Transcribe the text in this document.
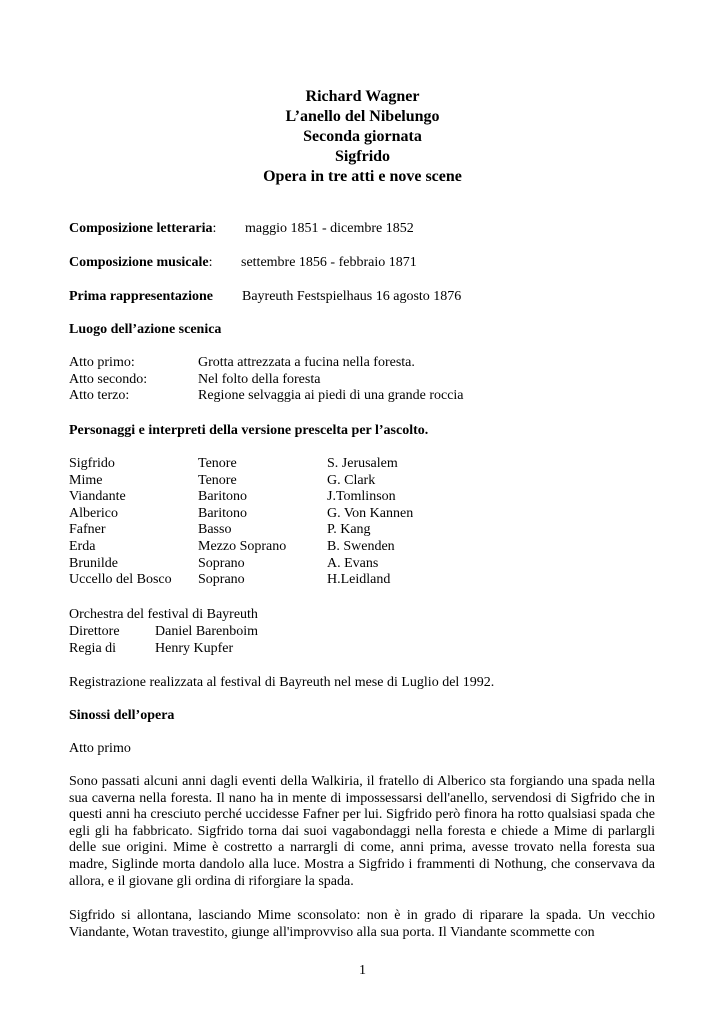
Richard Wagner
L’anello del Nibelungo
Seconda giornata
Sigfrido
Opera in tre atti e nove scene
Composizione letteraria: maggio 1851 - dicembre 1852
Composizione musicale: settembre 1856 - febbraio 1871
Prima rappresentazione Bayreuth Festspielhaus 16 agosto 1876
Luogo dell’azione scenica
Atto primo:	Grotta attrezzata a fucina nella foresta.
Atto secondo:	Nel folto della foresta
Atto terzo:	Regione selvaggia ai piedi di una grande roccia
Personaggi e interpreti della versione prescelta per l’ascolto.
Sigfrido	Tenore	S. Jerusalem
Mime	Tenore	G. Clark
Viandante	Baritono	J.Tomlinson
Alberico	Baritono	G. Von Kannen
Fafner	Basso	P. Kang
Erda	Mezzo Soprano	B. Swenden
Brunilde	Soprano	A. Evans
Uccello del Bosco Soprano	H.Leidland
Orchestra del festival di Bayreuth
Direttore	Daniel Barenboim
Regia di	Henry Kupfer
Registrazione realizzata al festival di Bayreuth nel mese di Luglio del 1992.
Sinossi dell’opera
Atto primo
Sono passati alcuni anni dagli eventi della Walkiria, il fratello di Alberico sta forgiando una spada nella sua caverna nella foresta. Il nano ha in mente di impossessarsi dell'anello, servendosi di Sigfrido che in questi anni ha cresciuto perché uccidesse Fafner per lui. Sigfrido però finora ha rotto qualsiasi spada che egli gli ha fabbricato. Sigfrido torna dai suoi vagabondaggi nella foresta e chiede a Mime di parlargli delle sue origini. Mime è costretto a narrargli di come, anni prima, avesse trovato nella foresta sua madre, Siglinde morta dandolo alla luce. Mostra a Sigfrido i frammenti di Nothung, che conservava da allora, e il giovane gli ordina di riforgiare la spada.
Sigfrido si allontana, lasciando Mime sconsolato: non è in grado di riparare la spada. Un vecchio Viandante, Wotan travestito, giunge all'improvviso alla sua porta. Il Viandante scommette con
1
